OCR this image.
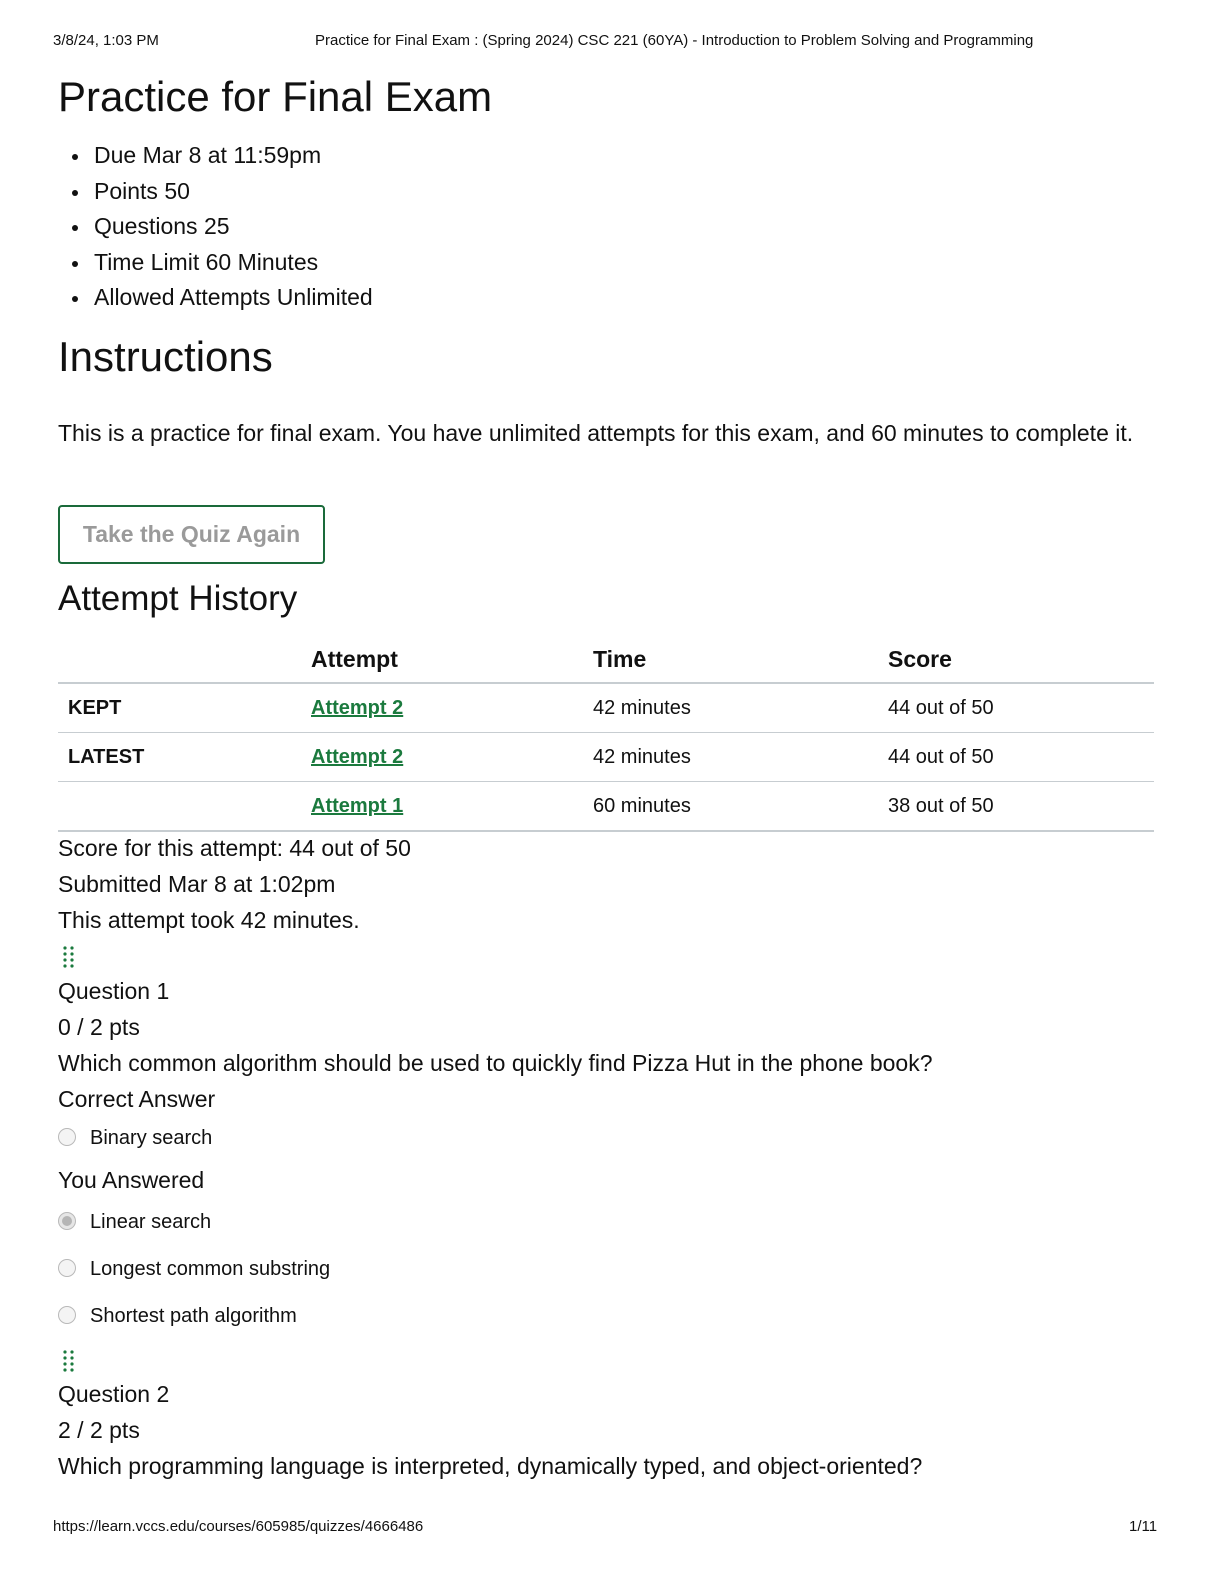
3/8/24, 1:03 PM	Practice for Final Exam : (Spring 2024) CSC 221 (60YA) - Introduction to Problem Solving and Programming
Practice for Final Exam
Due Mar 8 at 11:59pm
Points 50
Questions 25
Time Limit 60 Minutes
Allowed Attempts Unlimited
Instructions

This is a practice for final exam. You have unlimited attempts for this exam, and 60 minutes to complete it.

Take the Quiz Again
Attempt History
	Attempt	Time	Score
KEPT	Attempt 2	42 minutes	44 out of 50
LATEST	Attempt 2	42 minutes	44 out of 50
	Attempt 1	60 minutes	38 out of 50
Score for this attempt: 44 out of 50
Submitted Mar 8 at 1:02pm
This attempt took 42 minutes.
Question 1
0 / 2 pts
Which common algorithm should be used to quickly find Pizza Hut in the phone book?
Correct Answer
Binary search
You Answered
Linear search
Longest common substring
Shortest path algorithm
Question 2
2 / 2 pts
Which programming language is interpreted, dynamically typed, and object-oriented?
https://learn.vccs.edu/courses/605985/quizzes/4666486	1/11
